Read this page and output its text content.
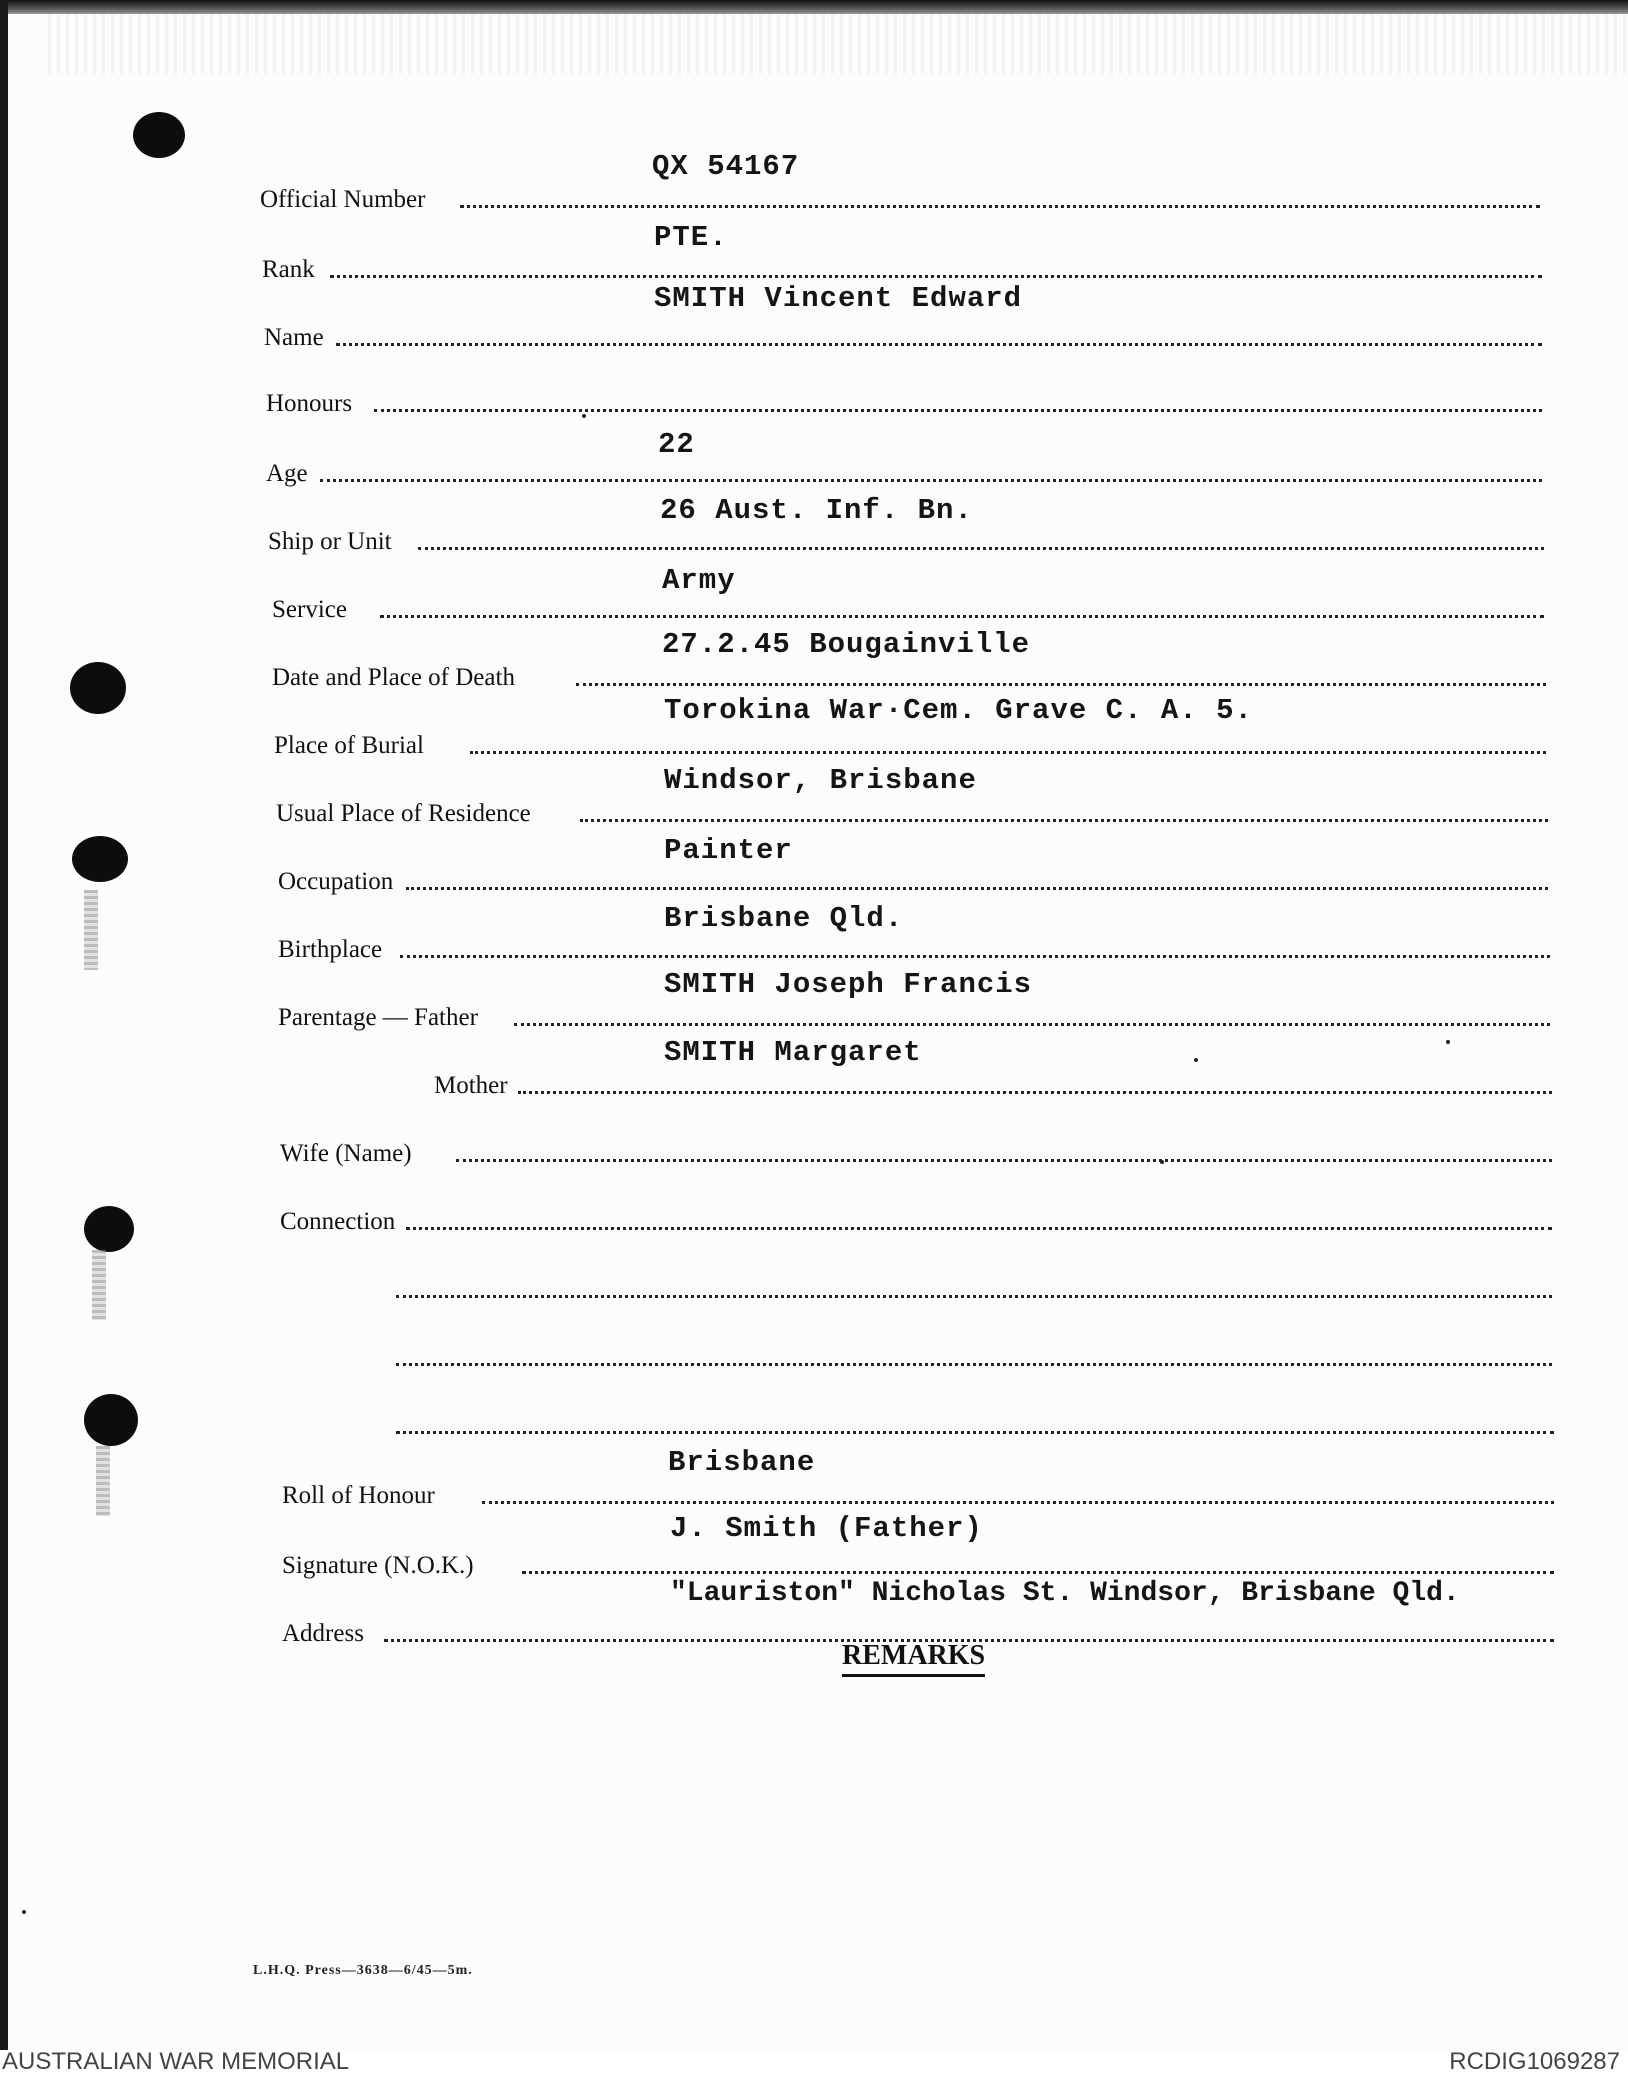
Official Number
QX 54167
Rank
PTE.
Name
SMITH Vincent Edward
Honours
Age
22
Ship or Unit
26 Aust. Inf. Bn.
Service
Army
Date and Place of Death
27.2.45 Bougainville
Place of Burial
Torokina War·Cem. Grave C. A. 5.
Usual Place of Residence
Windsor, Brisbane
Occupation
Painter
Birthplace
Brisbane Qld.
Parentage — Father
SMITH Joseph Francis
Mother
SMITH Margaret
Wife (Name)
Connection
Roll of Honour
Brisbane
Signature (N.O.K.)
J. Smith (Father)
Address
"Lauriston" Nicholas St. Windsor, Brisbane Qld.
REMARKS
L.H.Q. Press—3638—6/45—5m.
AUSTRALIAN WAR MEMORIAL	RCDIG1069287
